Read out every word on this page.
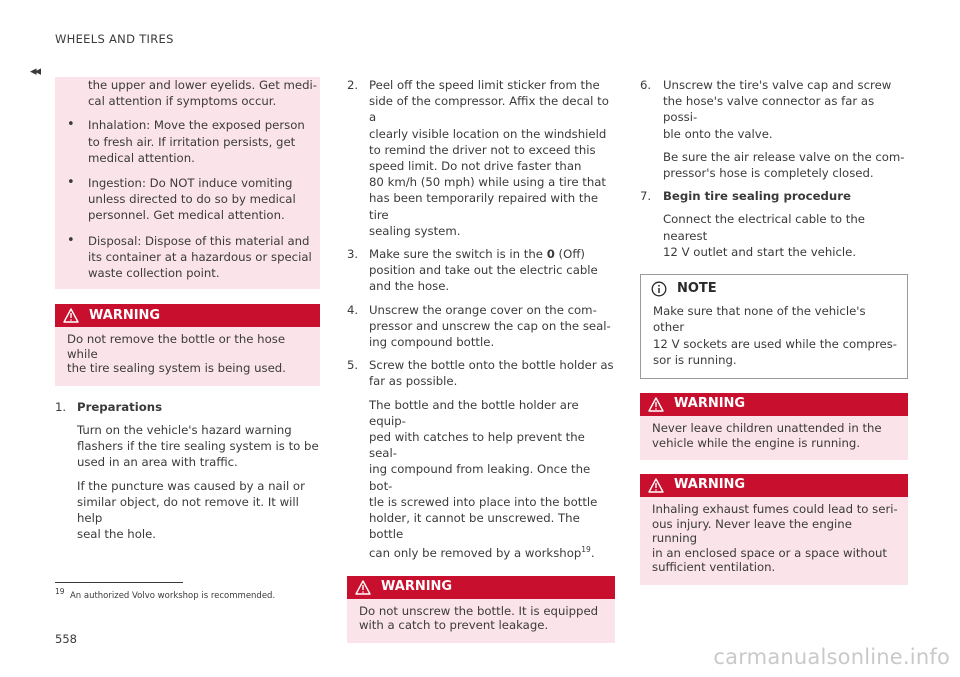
WHEELS AND TIRES
◂◂
the upper and lower eyelids. Get medi-
cal attention if symptoms occur.
• Inhalation: Move the exposed person
to fresh air. If irritation persists, get
medical attention.
• Ingestion: Do NOT induce vomiting
unless directed to do so by medical
personnel. Get medical attention.
• Disposal: Dispose of this material and
its container at a hazardous or special
waste collection point.
WARNING
Do not remove the bottle or the hose while
the tire sealing system is being used.
1. Preparations
Turn on the vehicle's hazard warning
flashers if the tire sealing system is to be
used in an area with traffic.
If the puncture was caused by a nail or
similar object, do not remove it. It will help
seal the hole.
2. Peel off the speed limit sticker from the
side of the compressor. Affix the decal to a
clearly visible location on the windshield
to remind the driver not to exceed this
speed limit. Do not drive faster than
80 km/h (50 mph) while using a tire that
has been temporarily repaired with the tire
sealing system.
3. Make sure the switch is in the 0 (Off)
position and take out the electric cable
and the hose.
4. Unscrew the orange cover on the com-
pressor and unscrew the cap on the seal-
ing compound bottle.
5. Screw the bottle onto the bottle holder as
far as possible.
The bottle and the bottle holder are equip-
ped with catches to help prevent the seal-
ing compound from leaking. Once the bot-
tle is screwed into place into the bottle
holder, it cannot be unscrewed. The bottle
can only be removed by a workshop$^{19}$.
WARNING
Do not unscrew the bottle. It is equipped
with a catch to prevent leakage.
6. Unscrew the tire's valve cap and screw
the hose's valve connector as far as possi-
ble onto the valve.
Be sure the air release valve on the com-
pressor's hose is completely closed.
7. Begin tire sealing procedure
Connect the electrical cable to the nearest
12 V outlet and start the vehicle.
NOTE
Make sure that none of the vehicle's other
12 V sockets are used while the compres-
sor is running.
WARNING
Never leave children unattended in the
vehicle while the engine is running.
WARNING
Inhaling exhaust fumes could lead to seri-
ous injury. Never leave the engine running
in an enclosed space or a space without
sufficient ventilation.
$^{19}$ An authorized Volvo workshop is recommended.
558
carmanualsonline.info
